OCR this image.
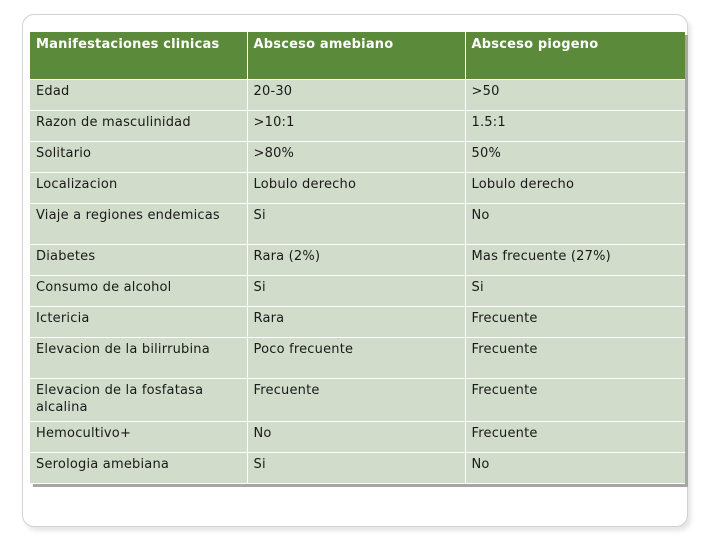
Manifestaciones clinicas	Absceso amebiano	Absceso piogeno
Edad	20-30	>50
Razon de masculinidad	>10:1	1.5:1
Solitario	>80%	50%
Localizacion	Lobulo derecho	Lobulo derecho
Viaje a regiones endemicas	Si	No
Diabetes	Rara (2%)	Mas frecuente (27%)
Consumo de alcohol	Si	Si
Ictericia	Rara	Frecuente
Elevacion de la bilirrubina	Poco frecuente	Frecuente
Elevacion de la fosfatasa alcalina	Frecuente	Frecuente
Hemocultivo+	No	Frecuente
Serologia amebiana	Si	No
